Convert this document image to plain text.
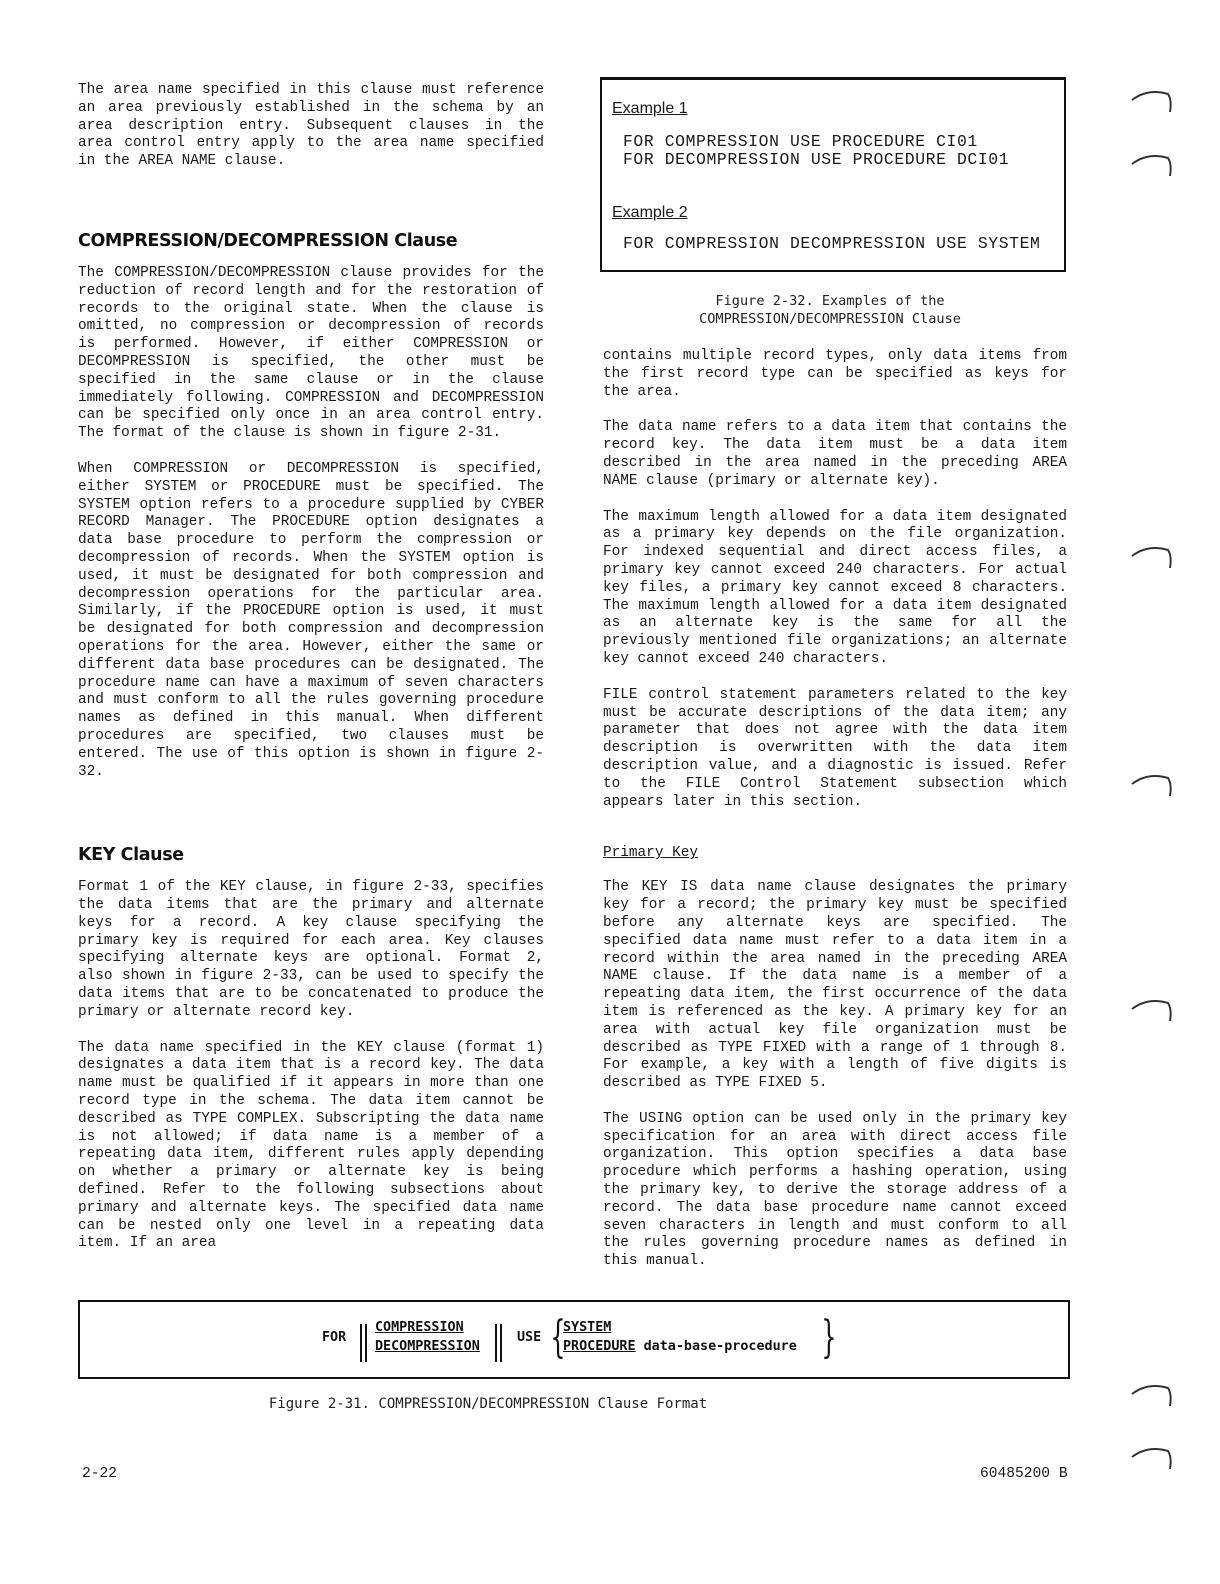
The area name specified in this clause must reference an area previously established in the schema by an area description entry. Subsequent clauses in the area control entry apply to the area name specified in the AREA NAME clause.

COMPRESSION/DECOMPRESSION Clause

The COMPRESSION/DECOMPRESSION clause provides for the reduction of record length and for the restoration of records to the original state. When the clause is omitted, no compression or decompression of records is performed. However, if either COMPRESSION or DECOMPRESSION is specified, the other must be specified in the same clause or in the clause immediately following. COMPRESSION and DECOMPRESSION can be specified only once in an area control entry. The format of the clause is shown in figure 2-31.

When COMPRESSION or DECOMPRESSION is specified, either SYSTEM or PROCEDURE must be specified. The SYSTEM option refers to a procedure supplied by CYBER RECORD Manager. The PROCEDURE option designates a data base procedure to perform the compression or decompression of records. When the SYSTEM option is used, it must be designated for both compression and decompression operations for the particular area. Similarly, if the PROCEDURE option is used, it must be designated for both compression and decompression operations for the area. However, either the same or different data base procedures can be designated. The procedure name can have a maximum of seven characters and must conform to all the rules governing procedure names as defined in this manual. When different procedures are specified, two clauses must be entered. The use of this option is shown in figure 2-32.

KEY Clause

Format 1 of the KEY clause, in figure 2-33, specifies the data items that are the primary and alternate keys for a record. A key clause specifying the primary key is required for each area. Key clauses specifying alternate keys are optional. Format 2, also shown in figure 2-33, can be used to specify the data items that are to be concatenated to produce the primary or alternate record key.

The data name specified in the KEY clause (format 1) designates a data item that is a record key. The data name must be qualified if it appears in more than one record type in the schema. The data item cannot be described as TYPE COMPLEX. Subscripting the data name is not allowed; if data name is a member of a repeating data item, different rules apply depending on whether a primary or alternate key is being defined. Refer to the following subsections about primary and alternate keys. The specified data name can be nested only one level in a repeating data item. If an area

Example 1
FOR COMPRESSION USE PROCEDURE CI01
FOR DECOMPRESSION USE PROCEDURE DCI01
Example 2
FOR COMPRESSION DECOMPRESSION USE SYSTEM
Figure 2-32. Examples of the
COMPRESSION/DECOMPRESSION Clause

contains multiple record types, only data items from the first record type can be specified as keys for the area.

The data name refers to a data item that contains the record key. The data item must be a data item described in the area named in the preceding AREA NAME clause (primary or alternate key).

The maximum length allowed for a data item designated as a primary key depends on the file organization. For indexed sequential and direct access files, a primary key cannot exceed 240 characters. For actual key files, a primary key cannot exceed 8 characters. The maximum length allowed for a data item designated as an alternate key is the same for all the previously mentioned file organizations; an alternate key cannot exceed 240 characters.

FILE control statement parameters related to the key must be accurate descriptions of the data item; any parameter that does not agree with the data item description is overwritten with the data item description value, and a diagnostic is issued. Refer to the FILE Control Statement subsection which appears later in this section.

Primary Key

The KEY IS data name clause designates the primary key for a record; the primary key must be specified before any alternate keys are specified. The specified data name must refer to a data item in a record within the area named in the preceding AREA NAME clause. If the data name is a member of a repeating data item, the first occurrence of the data item is referenced as the key. A primary key for an area with actual key file organization must be described as TYPE FIXED with a range of 1 through 8. For example, a key with a length of five digits is described as TYPE FIXED 5.

The USING option can be used only in the primary key specification for an area with direct access file organization. This option specifies a data base procedure which performs a hashing operation, using the primary key, to derive the storage address of a record. The data base procedure name cannot exceed seven characters in length and must conform to all the rules governing procedure names as defined in this manual.

FOR
COMPRESSION
DECOMPRESSION
USE {
SYSTEM
PROCEDURE data-base-procedure }
Figure 2-31. COMPRESSION/DECOMPRESSION Clause Format
2-22	60485200 B
